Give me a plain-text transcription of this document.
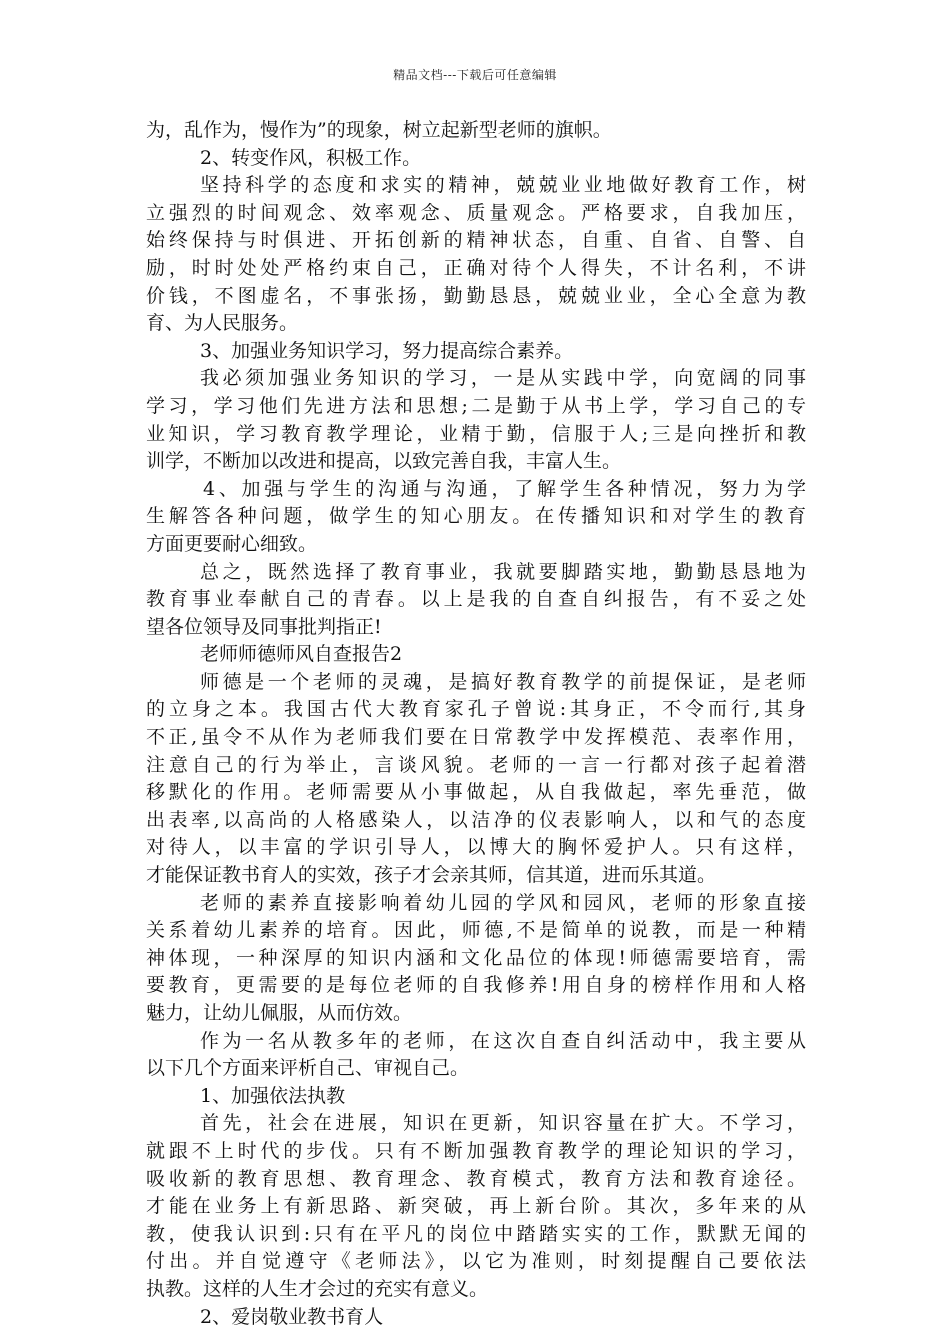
精品文档---下载后可任意编辑
为，乱作为，慢作为”的现象，树立起新型老师的旗帜。
2、转变作风，积极工作。
坚持科学的态度和求实的精神，兢兢业业地做好教育工作，树
立强烈的时间观念、效率观念、质量观念。严格要求，自我加压，
始终保持与时俱进、开拓创新的精神状态，自重、自省、自警、自
励，时时处处严格约束自己，正确对待个人得失，不计名利，不讲
价钱，不图虚名，不事张扬，勤勤恳恳，兢兢业业，全心全意为教
育、为人民服务。
3、加强业务知识学习，努力提高综合素养。
我必须加强业务知识的学习，一是从实践中学，向宽阔的同事
学习，学习他们先进方法和思想;二是勤于从书上学，学习自己的专
业知识，学习教育教学理论，业精于勤，信服于人;三是向挫折和教
训学，不断加以改进和提高，以致完善自我，丰富人生。
4、加强与学生的沟通与沟通，了解学生各种情况，努力为学
生解答各种问题，做学生的知心朋友。在传播知识和对学生的教育
方面更要耐心细致。
总之，既然选择了教育事业，我就要脚踏实地，勤勤恳恳地为
教育事业奉献自己的青春。以上是我的自查自纠报告，有不妥之处
望各位领导及同事批判指正!
老师师德师风自查报告2
师德是一个老师的灵魂，是搞好教育教学的前提保证，是老师
的立身之本。我国古代大教育家孔子曾说:其身正，不令而行,其身
不正,虽令不从作为老师我们要在日常教学中发挥模范、表率作用，
注意自己的行为举止，言谈风貌。老师的一言一行都对孩子起着潜
移默化的作用。老师需要从小事做起，从自我做起，率先垂范，做
出表率,以高尚的人格感染人，以洁净的仪表影响人，以和气的态度
对待人，以丰富的学识引导人，以博大的胸怀爱护人。只有这样，
才能保证教书育人的实效，孩子才会亲其师，信其道，进而乐其道。
老师的素养直接影响着幼儿园的学风和园风，老师的形象直接
关系着幼儿素养的培育。因此，师德,不是简单的说教，而是一种精
神体现，一种深厚的知识内涵和文化品位的体现!师德需要培育，需
要教育，更需要的是每位老师的自我修养!用自身的榜样作用和人格
魅力，让幼儿佩服，从而仿效。
作为一名从教多年的老师，在这次自查自纠活动中，我主要从
以下几个方面来评析自己、审视自己。
1、加强依法执教
首先，社会在进展，知识在更新，知识容量在扩大。不学习，
就跟不上时代的步伐。只有不断加强教育教学的理论知识的学习，
吸收新的教育思想、教育理念、教育模式，教育方法和教育途径。
才能在业务上有新思路、新突破，再上新台阶。其次，多年来的从
教，使我认识到:只有在平凡的岗位中踏踏实实的工作，默默无闻的
付出。并自觉遵守《老师法》，以它为准则，时刻提醒自己要依法
执教。这样的人生才会过的充实有意义。
2、爱岗敬业教书育人
